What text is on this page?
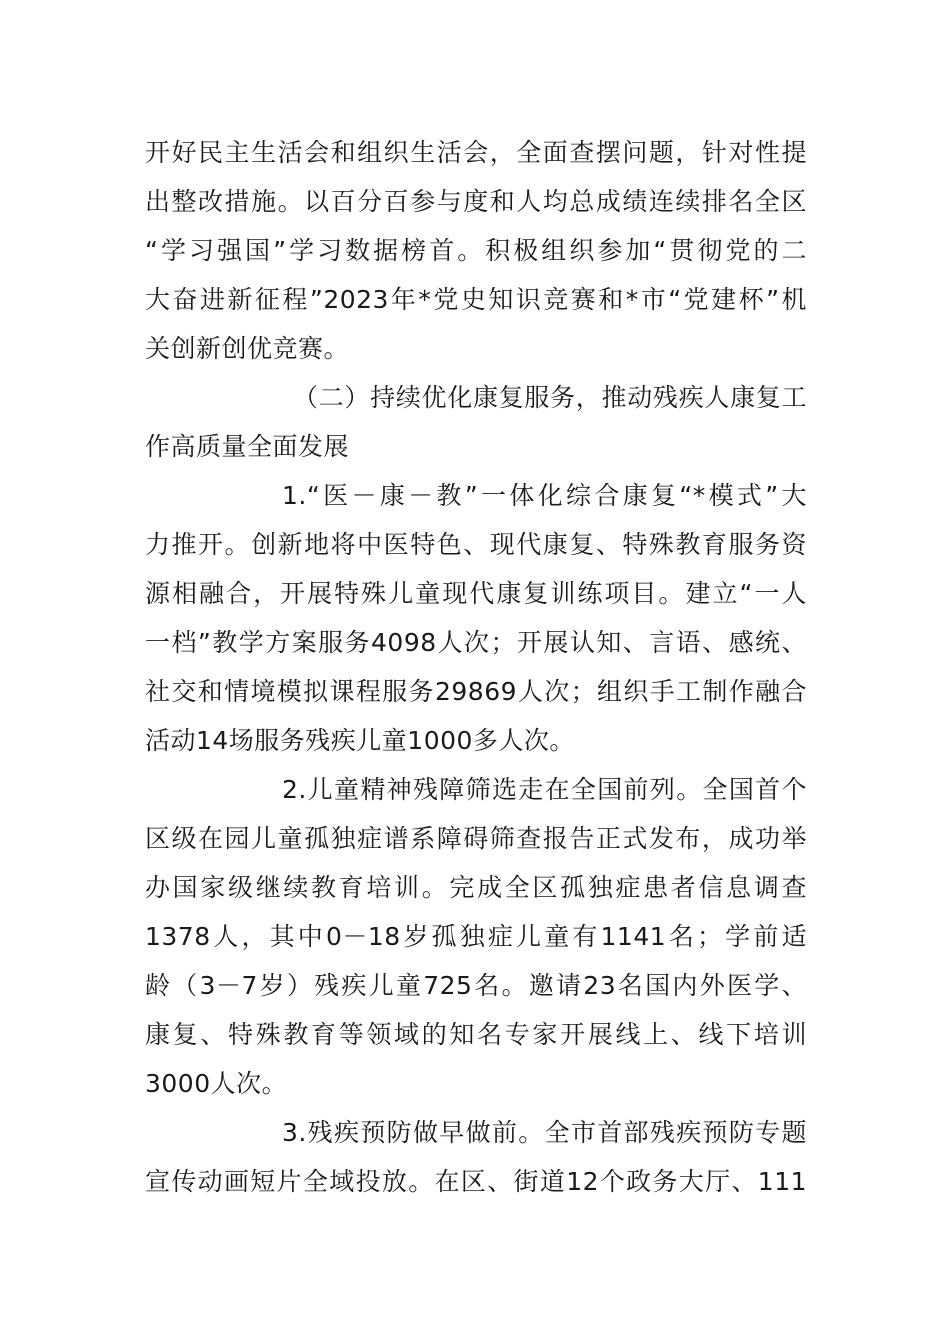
开好民主生活会和组织生活会，全面查摆问题，针对性提
出整改措施。以百分百参与度和人均总成绩连续排名全区
“学习强国”学习数据榜首。积极组织参加“贯彻党的二
大奋进新征程”2023年*党史知识竞赛和*市“党建杯”机
关创新创优竞赛。
（二）持续优化康复服务，推动残疾人康复工
作高质量全面发展
1.“医－康－教”一体化综合康复“*模式”大
力推开。创新地将中医特色、现代康复、特殊教育服务资
源相融合，开展特殊儿童现代康复训练项目。建立“一人
一档”教学方案服务4098人次；开展认知、言语、感统、
社交和情境模拟课程服务29869人次；组织手工制作融合
活动14场服务残疾儿童1000多人次。
2.儿童精神残障筛选走在全国前列。全国首个
区级在园儿童孤独症谱系障碍筛查报告正式发布，成功举
办国家级继续教育培训。完成全区孤独症患者信息调查
1378人，其中0－18岁孤独症儿童有1141名；学前适
龄（3－7岁）残疾儿童725名。邀请23名国内外医学、
康复、特殊教育等领域的知名专家开展线上、线下培训
3000人次。
3.残疾预防做早做前。全市首部残疾预防专题
宣传动画短片全域投放。在区、街道12个政务大厅、111
